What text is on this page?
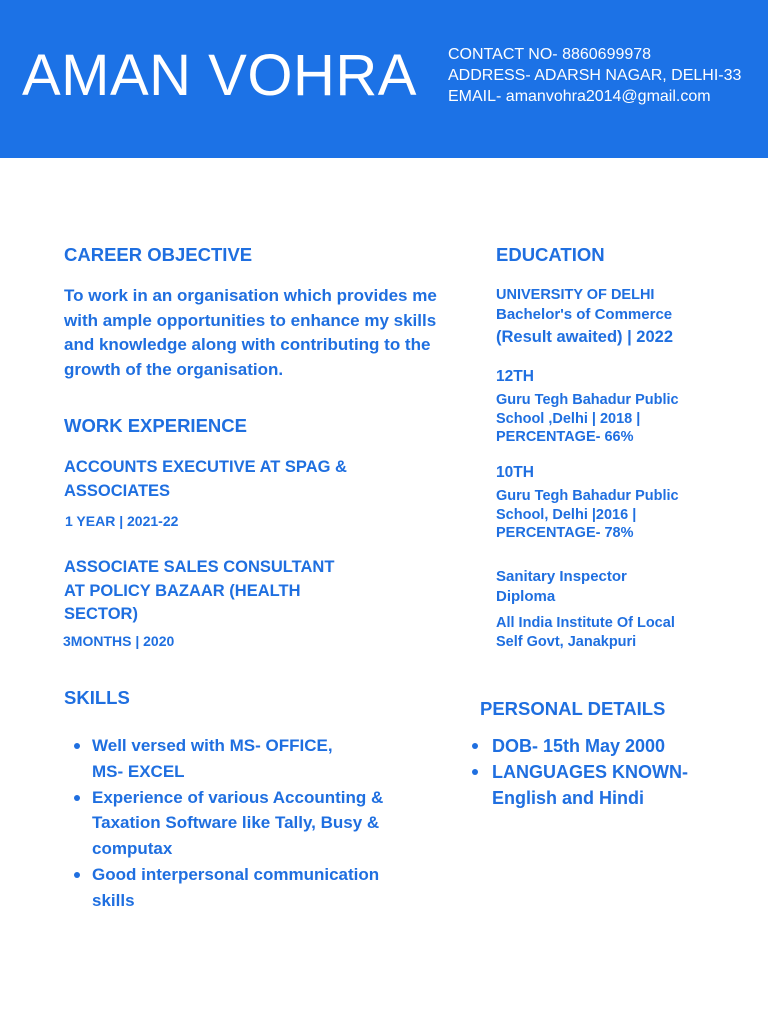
AMAN VOHRA CONTACT NO- 8860699978
ADDRESS- ADARSH NAGAR, DELHI-33
EMAIL- amanvohra2014@gmail.com
CAREER OBJECTIVE
To work in an organisation which provides me with ample opportunities to enhance my skills and knowledge along with contributing to the growth of the organisation.
WORK EXPERIENCE
ACCOUNTS EXECUTIVE AT SPAG & ASSOCIATES
1 YEAR | 2021-22
ASSOCIATE SALES CONSULTANT AT POLICY BAZAAR (HEALTH SECTOR)
3MONTHS | 2020
SKILLS
Well versed with MS- OFFICE, MS- EXCEL
Experience of various Accounting & Taxation Software like Tally, Busy & computax
Good interpersonal communication skills
EDUCATION
UNIVERSITY OF DELHI
Bachelor's of Commerce
(Result awaited) | 2022
12TH
Guru Tegh Bahadur Public School ,Delhi | 2018 | PERCENTAGE- 66%
10TH
Guru Tegh Bahadur Public School, Delhi |2016 | PERCENTAGE- 78%
Sanitary Inspector Diploma
All India Institute Of Local Self Govt, Janakpuri
PERSONAL DETAILS
DOB- 15th May 2000
LANGUAGES KNOWN- English and Hindi
